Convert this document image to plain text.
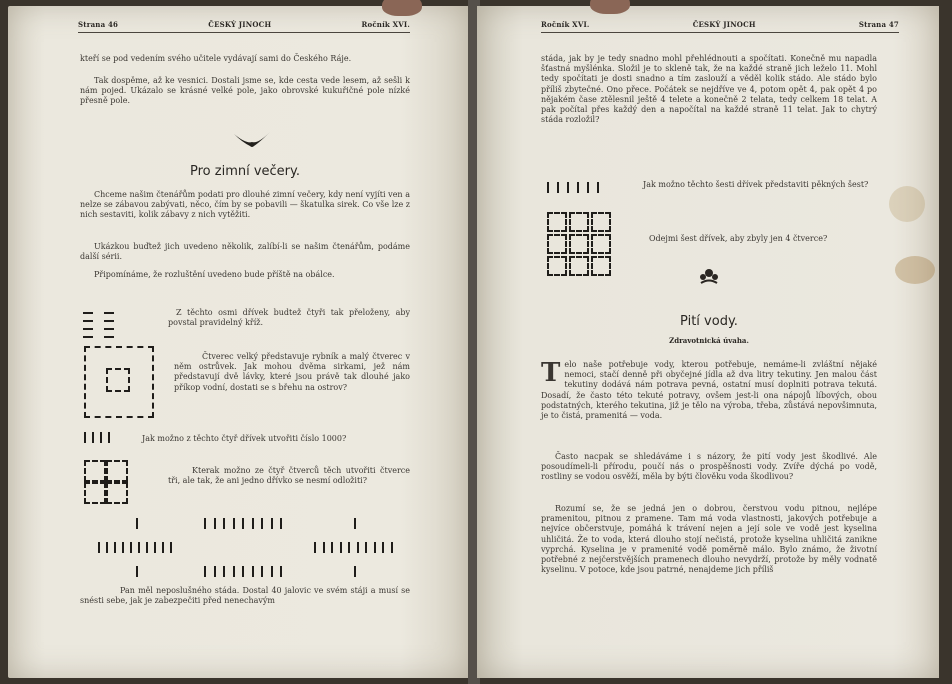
Strana 46	ČESKÝ JINOCH	Ročník XVI.
kteří se pod vedením svého učitele vydávají sami do Českého Ráje.
Tak dospěme, až ke vesnici. Dostali jsme se, kde cesta vede lesem, až sešli k nám pojed. Ukázalo se krásné velké pole, jako obrovské kukuřičné pole nízké přesně pole.
Pro zimní večery.
Chceme našim čtenářům podati pro dlouhé zimní večery, kdy není vyjíti ven a nelze se zábavou zabývati, něco, čím by se pobavili — škatulka sirek. Co vše lze z nich sestaviti, kolik zábavy z nich vytěžiti.
Ukázkou buďtež jich uvedeno několik, zalíbí-li se našim čtenářům, podáme další sérii.
Připomínáme, že rozluštění uvedeno bude příště na obálce.
Z těchto osmi dřívek budtež čtyři tak přeloženy, aby povstal pravidelný kříž.
Čtverec velký představuje rybník a malý čtverec v něm ostrůvek. Jak mohou dvěma sirkami, jež nám představují dvě lávky, které jsou právě tak dlouhé jako příkop vodní, dostati se s břehu na ostrov?
Jak možno z těchto čtyř dřívek utvořiti číslo 1000?
Kterak možno ze čtyř čtverců těch utvořiti čtverce tři, ale tak, že ani jedno dřívko se nesmí odložiti?
Pan měl neposlušného stáda. Dostal 40 jalovic ve svém stáji a musí se snésti sebe, jak je zabezpečiti před nenechavým
Ročník XVI.	ČESKÝ JINOCH	Strana 47
stáda, jak by je tedy snadno mohl přehlédnouti a spočítati. Konečně mu napadla šťastná myšlénka. Složil je to skleně tak, že na každé straně jich leželo 11. Mohl tedy spočítati je dosti snadno a tím zaslouží a věděl kolik stádo. Ale stádo bylo příliš zbytečné. Ono přece. Počátek se nejdříve ve 4, potom opět 4, pak opět 4 po nějakém čase ztělesnil ještě 4 telete a konečně 2 telata, tedy celkem 18 telat. A pak počítal přes každý den a napočítal na každé straně 11 telat. Jak to chytrý stáda rozložil?
Jak možno těchto šesti dřívek představiti pěkných šest?
Odejmi šest dřívek, aby zbyly jen 4 čtverce?
Pití vody.
Zdravotnická úvaha.
T elo naše potřebuje vody, kterou potřebuje, nemáme-li zvláštní nějaké nemoci, stačí denně při obyčejné jídla až dva litry tekutiny. Jen malou část tekutiny dodává nám potrava pevná, ostatní musí doplniti potrava tekutá. Dosadí, že často této tekuté potravy, ovšem jest-li ona nápojů líbových, obou podstatných, kterého tekutina, již je tělo na výroba, třeba, zůstává nepovšimnuta, je to čistá, pramenitá — voda.
Často nacpak se shledáváme i s názory, že pití vody jest škodlivé. Ale posoudímeli-li přírodu, poučí nás o prospěšnosti vody. Zvíře dýchá po vodě, rostliny se vodou osvěží, měla by býti člověku voda škodlivou?
Rozumí se, že se jedná jen o dobrou, čerstvou vodu pitnou, nejlépe pramenitou, pitnou z pramene. Tam má voda vlastnosti, jakových potřebuje a nejvíce občerstvuje, pomáhá k trávení nejen a její sole ve vodě jest kyselina uhličitá. Že to voda, která dlouho stojí nečistá, protože kyselina uhličitá zanikne vyprchá. Kyselina je v pramenité vodě poměrně málo. Bylo známo, že životní potřebné z nejčerstvějších pramenech dlouho nevydrží, protože by měly vodnatě kyselinu. V potoce, kde jsou patrné, nenajdeme jich příliš
